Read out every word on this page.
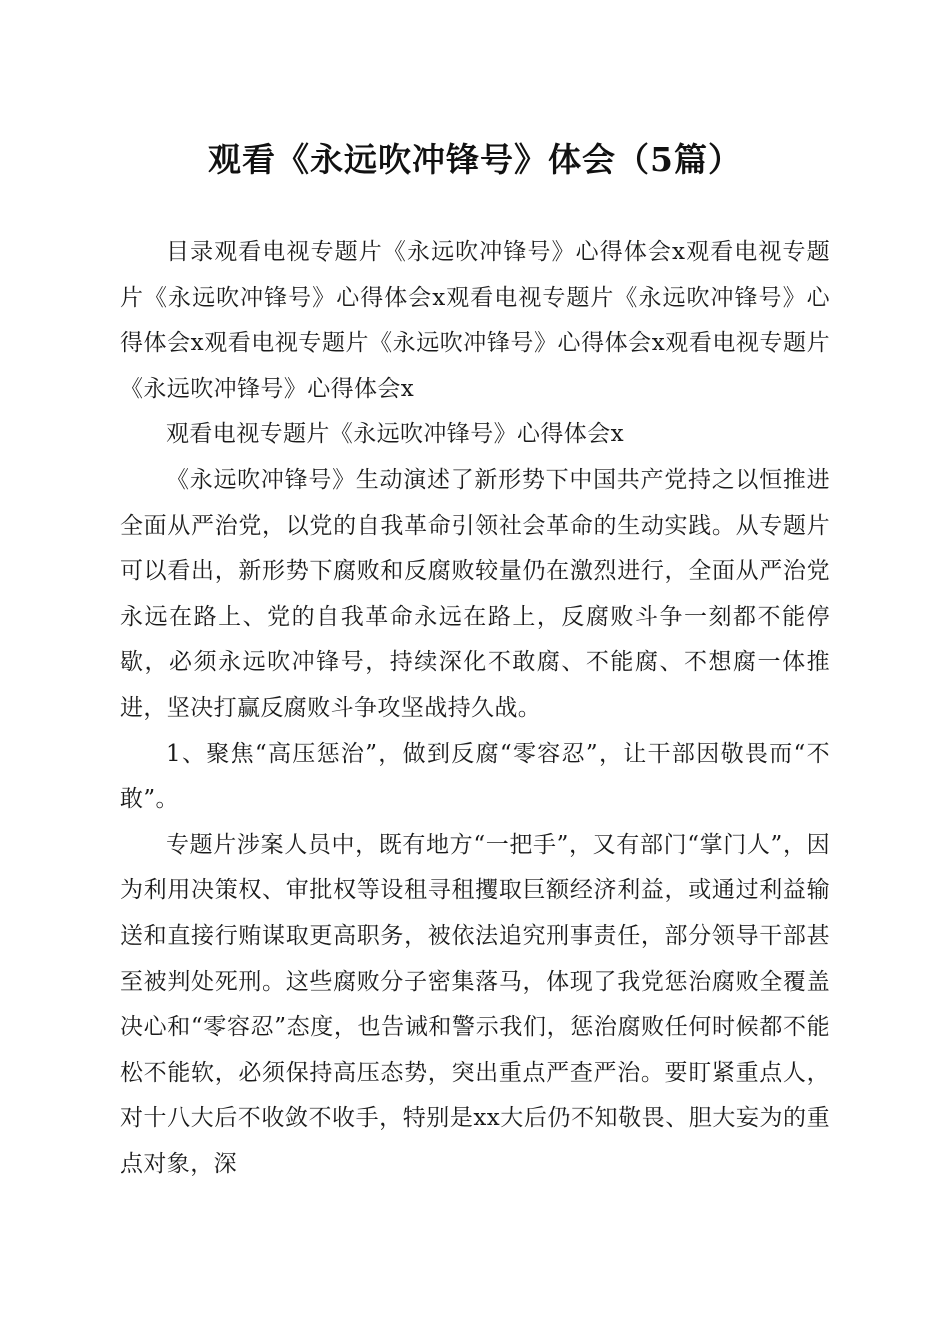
观看《永远吹冲锋号》体会（5篇）

目录观看电视专题片《永远吹冲锋号》心得体会x观看电视专题片《永远吹冲锋号》心得体会x观看电视专题片《永远吹冲锋号》心得体会x观看电视专题片《永远吹冲锋号》心得体会x观看电视专题片《永远吹冲锋号》心得体会x

观看电视专题片《永远吹冲锋号》心得体会x

《永远吹冲锋号》生动演述了新形势下中国共产党持之以恒推进全面从严治党，以党的自我革命引领社会革命的生动实践。从专题片可以看出，新形势下腐败和反腐败较量仍在激烈进行，全面从严治党永远在路上、党的自我革命永远在路上，反腐败斗争一刻都不能停歇，必须永远吹冲锋号，持续深化不敢腐、不能腐、不想腐一体推进，坚决打赢反腐败斗争攻坚战持久战。

1、聚焦“高压惩治”，做到反腐“零容忍”，让干部因敬畏而“不敢”。

专题片涉案人员中，既有地方“一把手”，又有部门“掌门人”，因为利用决策权、审批权等设租寻租攫取巨额经济利益，或通过利益输送和直接行贿谋取更高职务，被依法追究刑事责任，部分领导干部甚至被判处死刑。这些腐败分子密集落马，体现了我党惩治腐败全覆盖决心和“零容忍”态度，也告诫和警示我们，惩治腐败任何时候都不能松不能软，必须保持高压态势，突出重点严查严治。要盯紧重点人，对十八大后不收敛不收手，特别是xx大后仍不知敬畏、胆大妄为的重点对象，深
